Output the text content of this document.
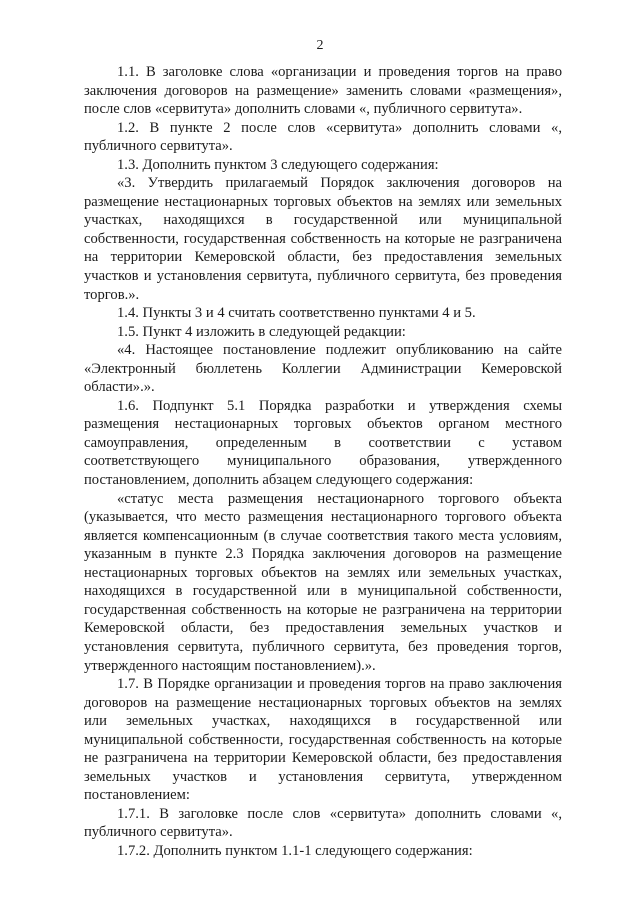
2

1.1. В заголовке слова «организации и проведения торгов на право заключения договоров на размещение» заменить словами «размещения», после слов «сервитута» дополнить словами «, публичного сервитута».

1.2. В пункте 2 после слов «сервитута» дополнить словами «, публичного сервитута».

1.3. Дополнить пунктом 3 следующего содержания:

«3. Утвердить прилагаемый Порядок заключения договоров на размещение нестационарных торговых объектов на землях или земельных участках, находящихся в государственной или муниципальной собственности, государственная собственность на которые не разграничена на территории Кемеровской области, без предоставления земельных участков и установления сервитута, публичного сервитута, без проведения торгов.».

1.4. Пункты 3 и 4 считать соответственно пунктами 4 и 5.

1.5. Пункт 4 изложить в следующей редакции:

«4. Настоящее постановление подлежит опубликованию на сайте «Электронный бюллетень Коллегии Администрации Кемеровской области».».

1.6. Подпункт 5.1 Порядка разработки и утверждения схемы размещения нестационарных торговых объектов органом местного самоуправления, определенным в соответствии с уставом соответствующего муниципального образования, утвержденного постановлением, дополнить абзацем следующего содержания:

«статус места размещения нестационарного торгового объекта (указывается, что место размещения нестационарного торгового объекта является компенсационным (в случае соответствия такого места условиям, указанным в пункте 2.3 Порядка заключения договоров на размещение нестационарных торговых объектов на землях или земельных участках, находящихся в государственной или в муниципальной собственности, государственная собственность на которые не разграничена на территории Кемеровской области, без предоставления земельных участков и установления сервитута, публичного сервитута, без проведения торгов, утвержденного настоящим постановлением).».

1.7. В Порядке организации и проведения торгов на право заключения договоров на размещение нестационарных торговых объектов на землях или земельных участках, находящихся в государственной или муниципальной собственности, государственная собственность на которые не разграничена на территории Кемеровской области, без предоставления земельных участков и установления сервитута, утвержденном постановлением:

1.7.1. В заголовке после слов «сервитута» дополнить словами «, публичного сервитута».

1.7.2. Дополнить пунктом 1.1-1 следующего содержания:
